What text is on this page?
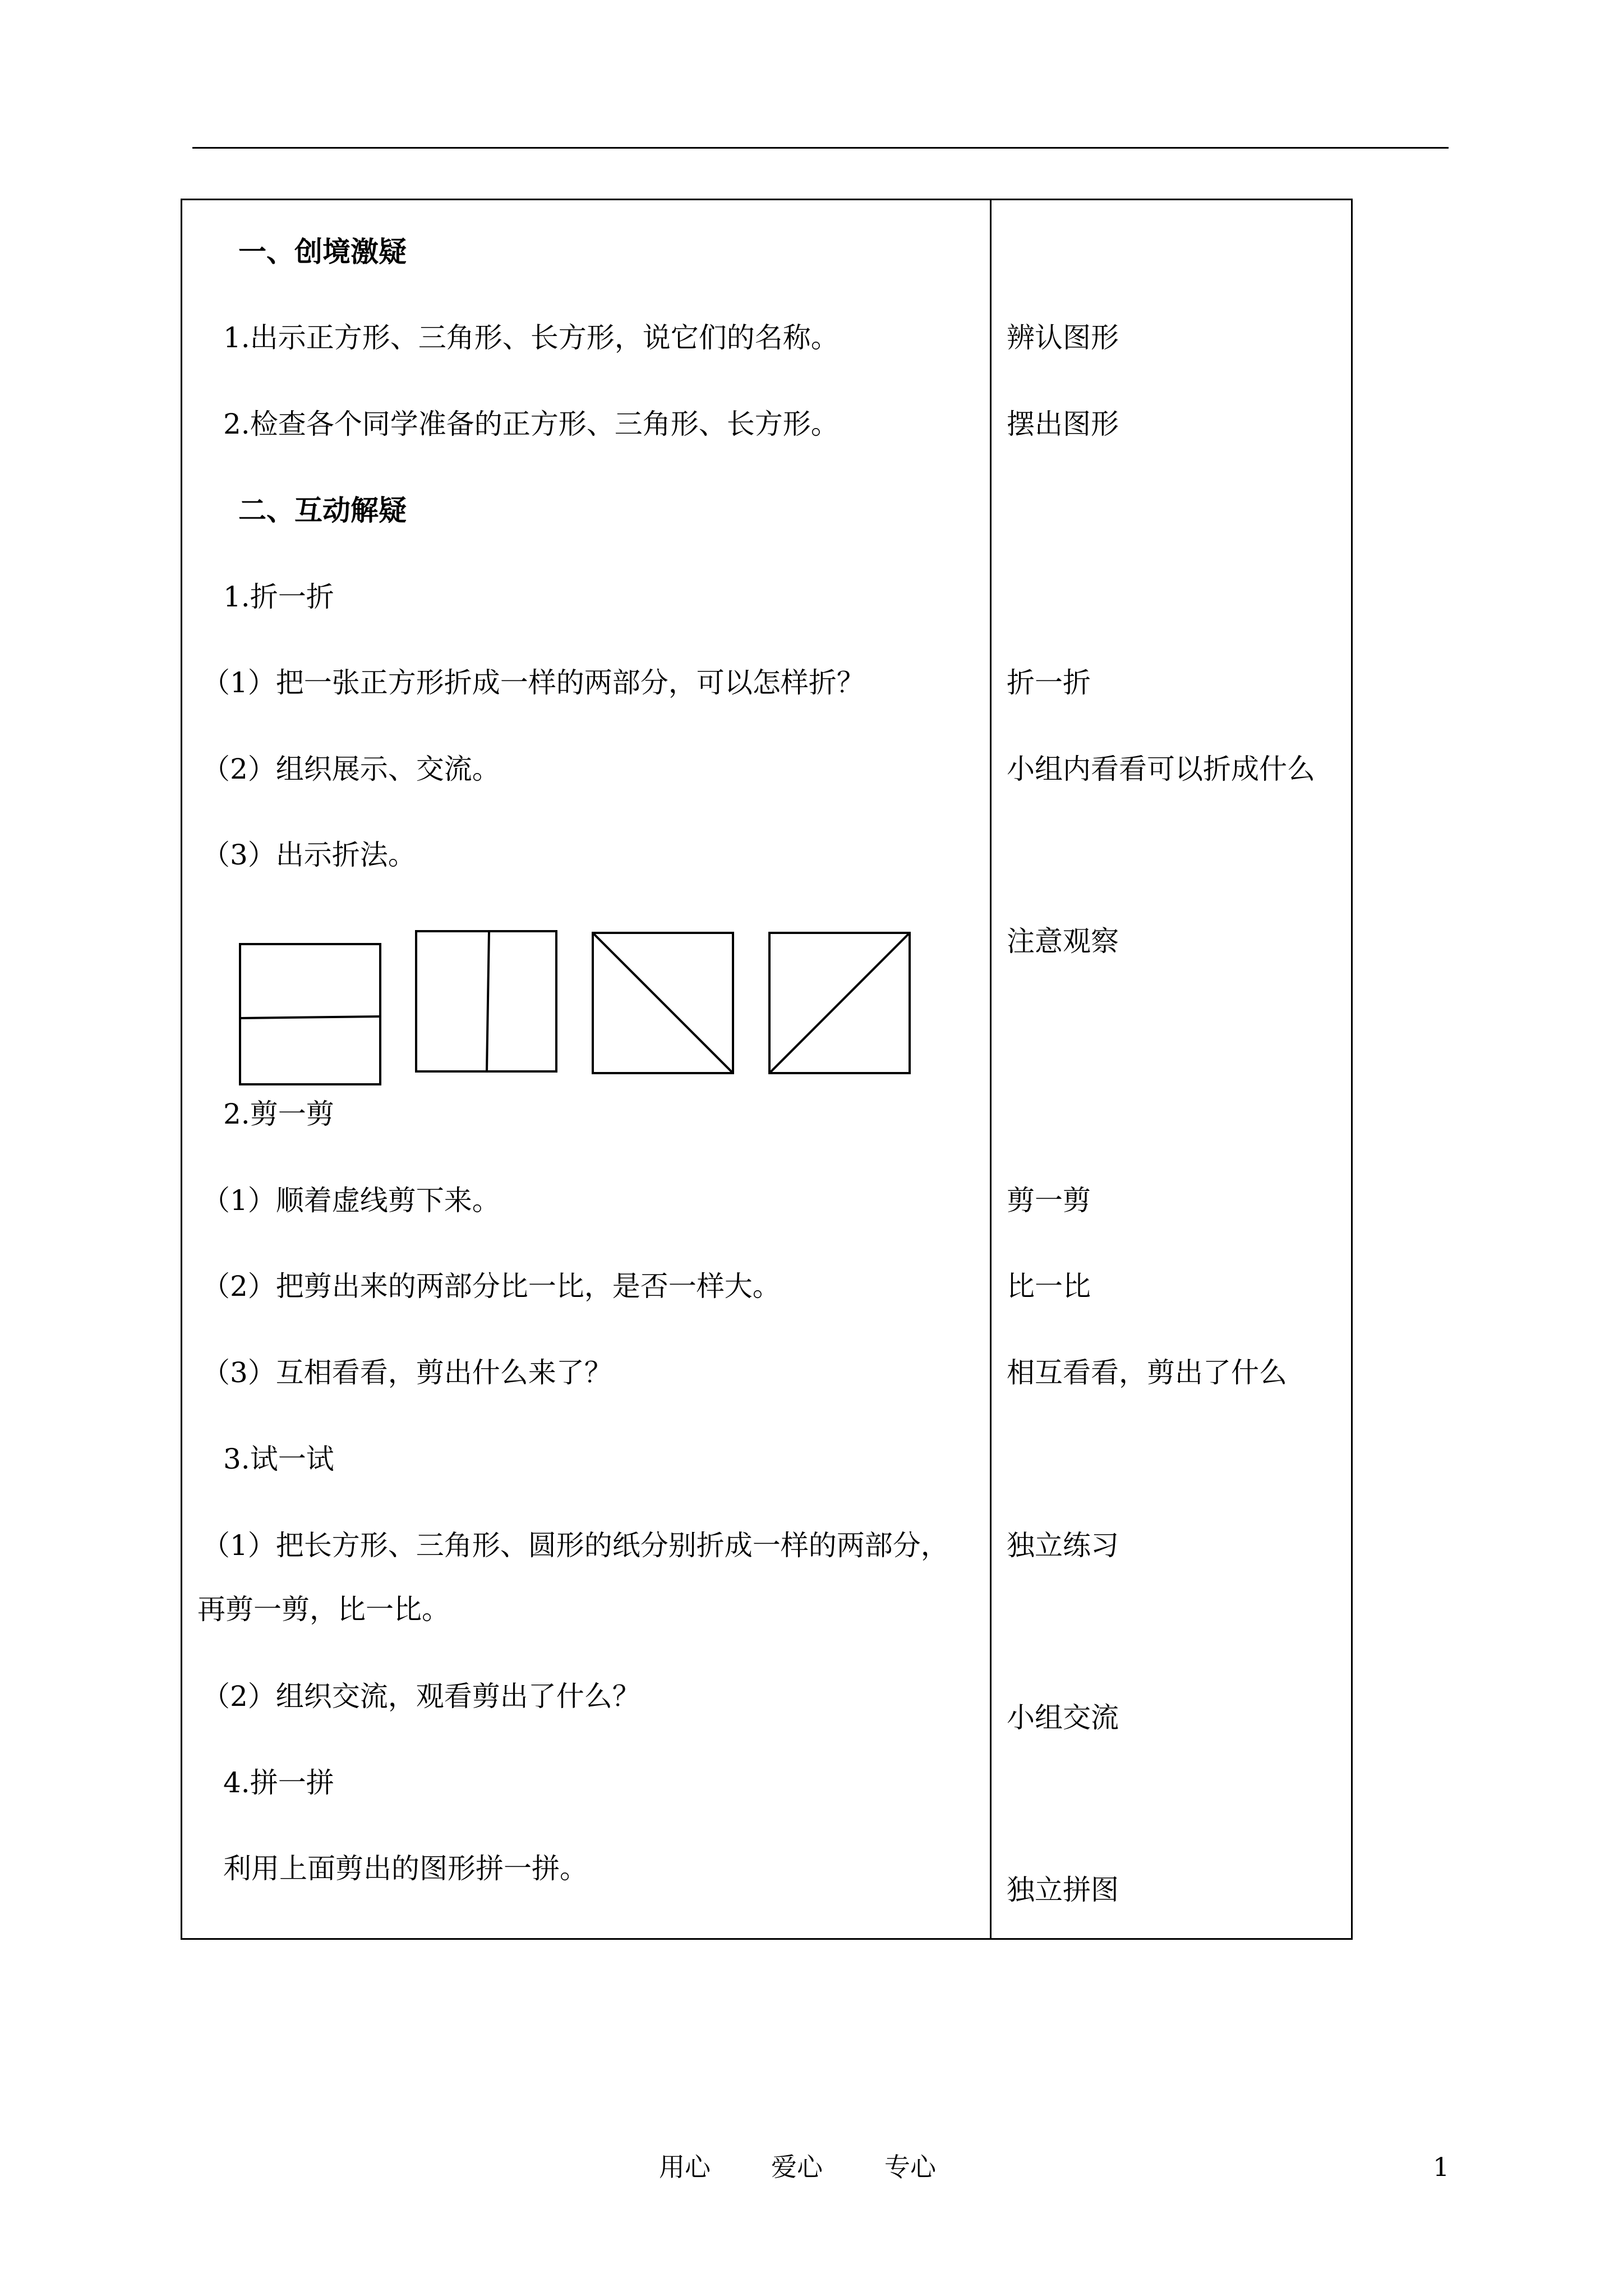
一、创境激疑
1.出示正方形、三角形、长方形，说它们的名称。
2.检查各个同学准备的正方形、三角形、长方形。
二、互动解疑
1.折一折
（1）把一张正方形折成一样的两部分，可以怎样折？
（2）组织展示、交流。
（3）出示折法。
2.剪一剪
（1）顺着虚线剪下来。
（2）把剪出来的两部分比一比，是否一样大。
（3）互相看看，剪出什么来了？
3.试一试
（1）把长方形、三角形、圆形的纸分别折成一样的两部分，
再剪一剪，比一比。
（2）组织交流，观看剪出了什么？
4.拼一拼
利用上面剪出的图形拼一拼。
辨认图形
摆出图形
折一折
小组内看看可以折成什么
注意观察
剪一剪
比一比
相互看看，剪出了什么
独立练习
小组交流
独立拼图
用心 爱心 专心	1
